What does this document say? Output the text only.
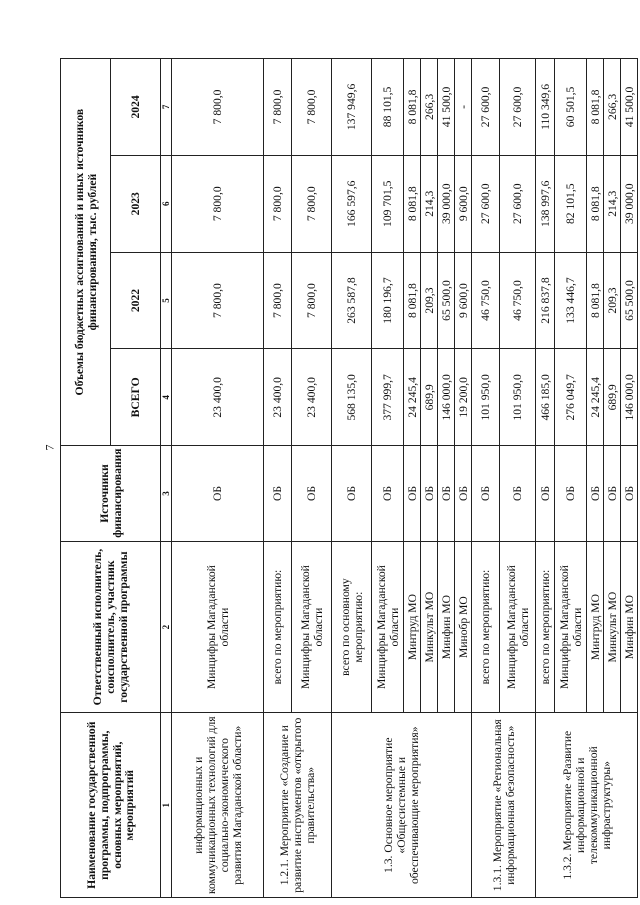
7
Наименование государственной программы, подпрограммы, основных мероприятий, мероприятий	Ответственный исполнитель, соисполнитель, участник государственной программы	Источники финансирования	Объемы бюджетных ассигнований и иных источников финансирования, тыс. рублей			
			ВСЕГО	2022	2023	2024
1	2	3	4	5	6	7
информационных и коммуникационных технологий для социально-экономического развития Магаданской области»	Минцифры Магаданской области	ОБ	23 400,0	7 800,0	7 800,0	7 800,0
1.2.1. Мероприятие «Создание и развитие инструментов «открытого правительства»	всего по мероприятию:	ОБ	23 400,0	7 800,0	7 800,0	7 800,0
	Минцифры Магаданской области	ОБ	23 400,0	7 800,0	7 800,0	7 800,0
1.3. Основное мероприятие «Общесистемные и обеспечивающие мероприятия»	всего по основному мероприятию:	ОБ	568 135,0	263 587,8	166 597,6	137 949,6
	Минцифры Магаданской области	ОБ	377 999,7	180 196,7	109 701,5	88 101,5
	Минтруд МО	ОБ	24 245,4	8 081,8	8 081,8	8 081,8
	Минкульт МО	ОБ	689,9	209,3	214,3	266,3
	Минфин МО	ОБ	146 000,0	65 500,0	39 000,0	41 500,0
	Минобр МО	ОБ	19 200,0	9 600,0	9 600,0	-
1.3.1. Мероприятие «Региональная информационная безопасность»	всего по мероприятию:	ОБ	101 950,0	46 750,0	27 600,0	27 600,0
	Минцифры Магаданской области	ОБ	101 950,0	46 750,0	27 600,0	27 600,0
1.3.2. Мероприятие «Развитие информационной и телекоммуникационной инфраструктуры»	всего по мероприятию:	ОБ	466 185,0	216 837,8	138 997,6	110 349,6
	Минцифры Магаданской области	ОБ	276 049,7	133 446,7	82 101,5	60 501,5
	Минтруд МО	ОБ	24 245,4	8 081,8	8 081,8	8 081,8
	Минкульт МО	ОБ	689,9	209,3	214,3	266,3
	Минфин МО	ОБ	146 000,0	65 500,0	39 000,0	41 500,0
